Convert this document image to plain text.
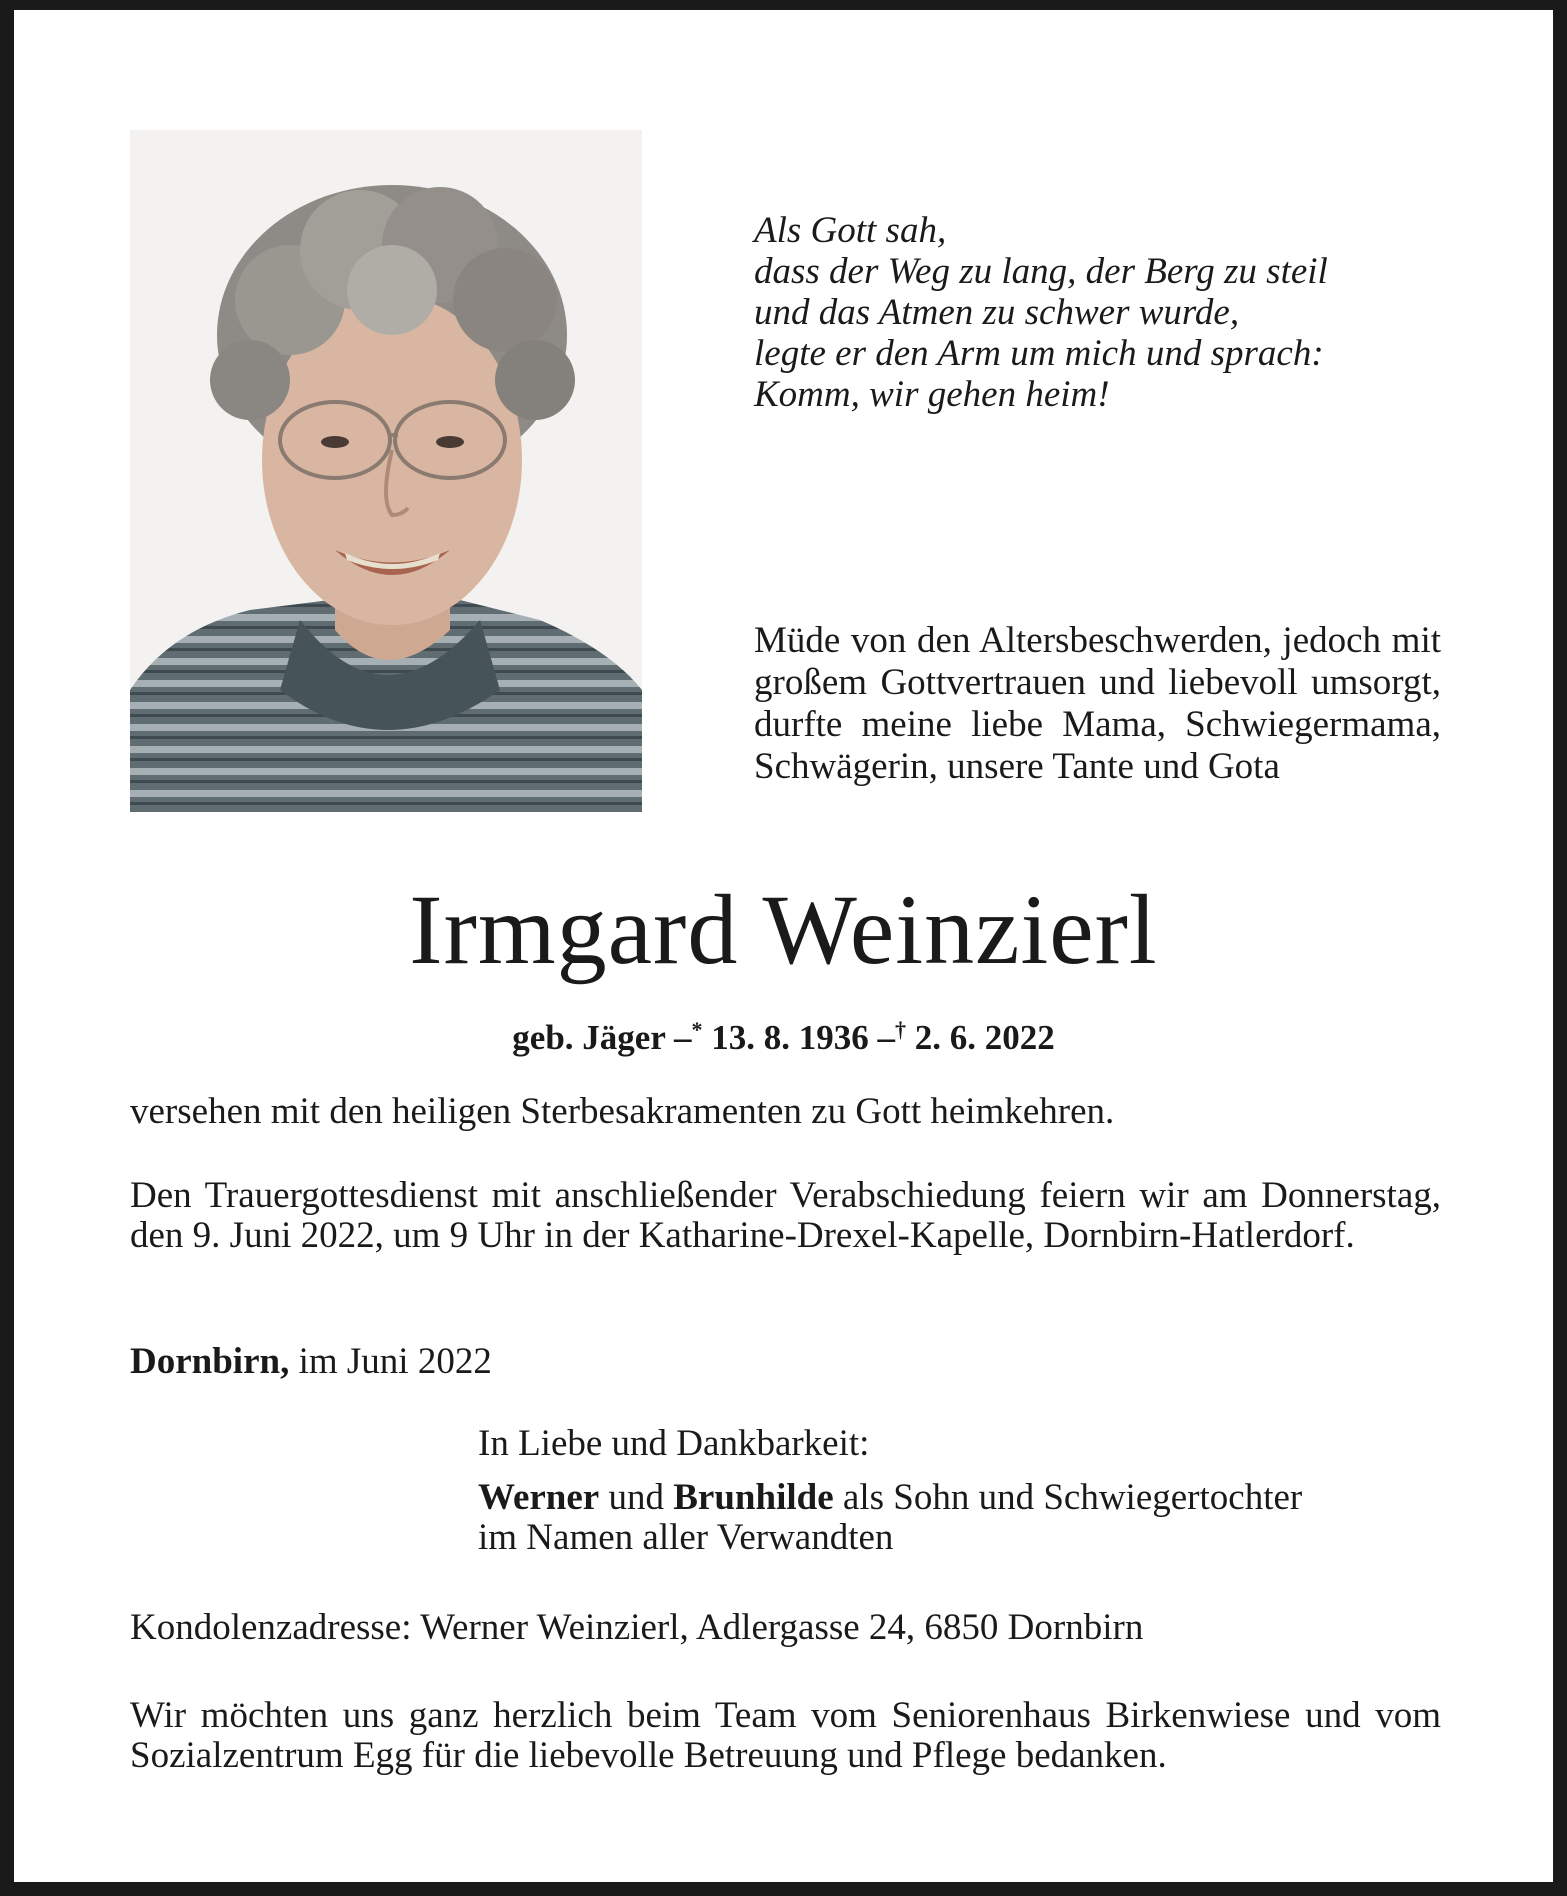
Als Gott sah,
dass der Weg zu lang, der Berg zu steil
und das Atmen zu schwer wurde,
legte er den Arm um mich und sprach:
Komm, wir gehen heim!
Müde von den Altersbeschwerden, jedoch mit großem Gottvertrauen und liebevoll umsorgt, durfte meine liebe Mama, Schwiegermama, Schwägerin, unsere Tante und Gota
Irmgard Weinzierl
geb. Jäger –* 13. 8. 1936 –† 2. 6. 2022
versehen mit den heiligen Sterbesakramenten zu Gott heimkehren.
Den Trauergottesdienst mit anschließender Verabschiedung feiern wir am Donnerstag, den 9. Juni 2022, um 9 Uhr in der Katharine-Drexel-Kapelle, Dornbirn-Hatlerdorf.
Dornbirn, im Juni 2022
In Liebe und Dankbarkeit:
Werner und Brunhilde als Sohn und Schwiegertochter
im Namen aller Verwandten
Kondolenzadresse: Werner Weinzierl, Adlergasse 24, 6850 Dornbirn
Wir möchten uns ganz herzlich beim Team vom Seniorenhaus Birkenwiese und vom Sozialzentrum Egg für die liebevolle Betreuung und Pflege bedanken.
